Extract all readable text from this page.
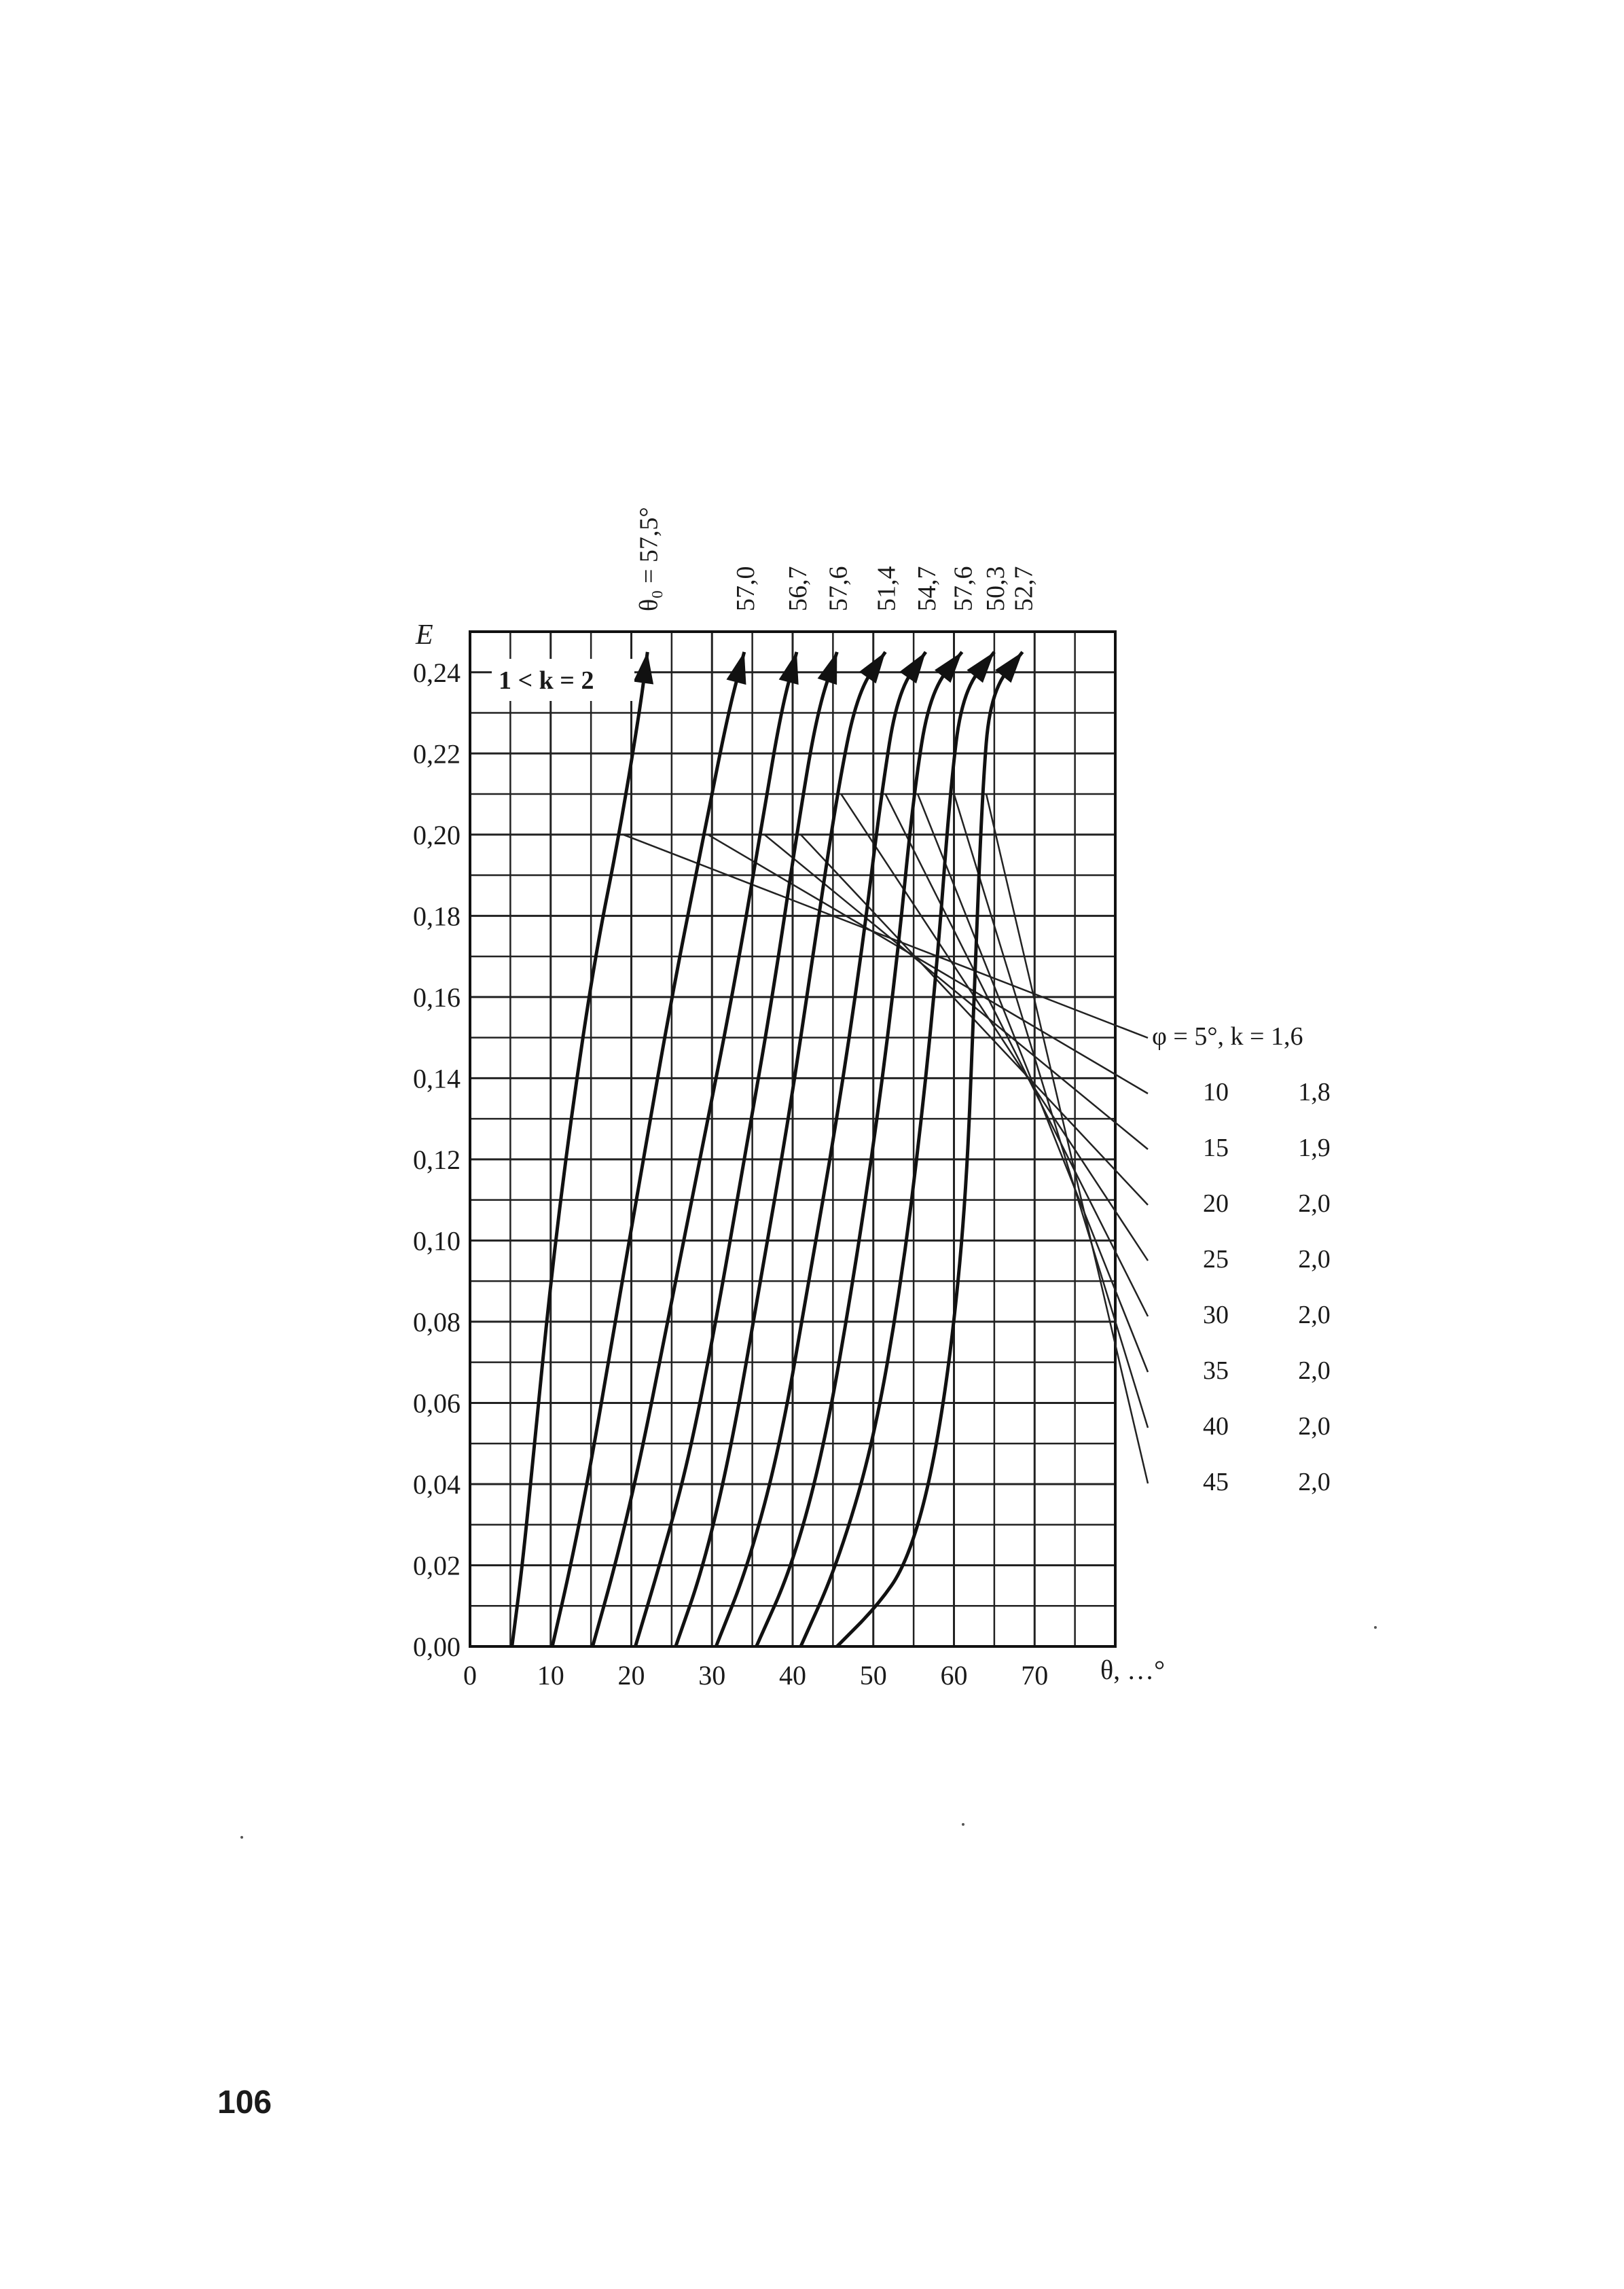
0 10 20 30 40 50 60 70
0,00
0,02
0,04
0,06
0,08
0,10
0,12
0,14
0,16
0,18
0,20
0,22
0,24 1 < k = 2
θ₀ = 57,5°
φ = 5°, k = 1,6
57,0
10	1,8
56,7
15	1,9
57,6
20	2,0
51,4
25	2,0
54,7
30	2,0
57,6
35	2,0
50,3
40	2,0
52,7
45	2,0
E
θ, …°
106
